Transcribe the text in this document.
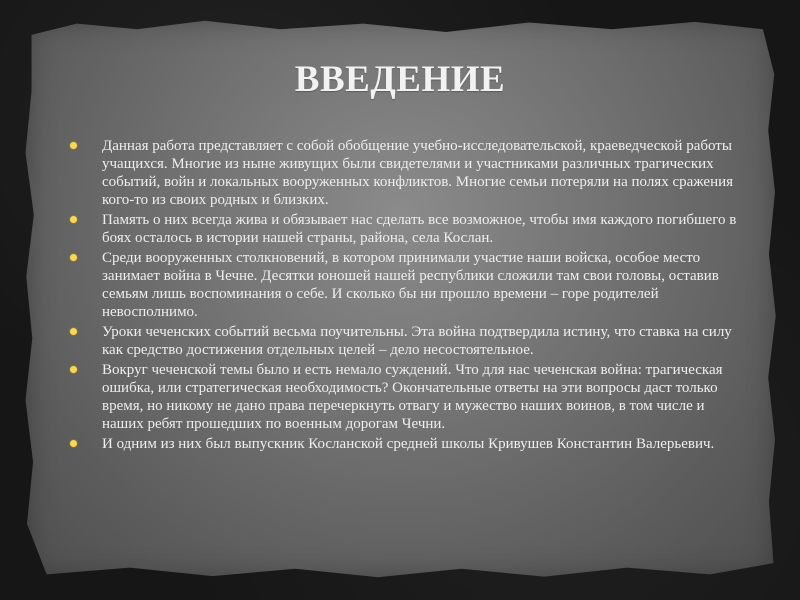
ВВЕДЕНИЕ
Данная работа представляет с собой обобщение учебно-исследовательской, краеведческой работы учащихся. Многие из ныне живущих были свидетелями и участниками различных трагических событий, войн и локальных вооруженных конфликтов. Многие семьи потеряли на полях сражения кого-то из своих родных и близких.
Память о них всегда жива и обязывает нас сделать все возможное, чтобы имя каждого погибшего в боях осталось в истории нашей страны, района, села Кослан.
Среди вооруженных столкновений, в котором принимали участие наши войска, особое место занимает война в Чечне. Десятки юношей нашей республики сложили там свои головы, оставив семьям лишь воспоминания о себе. И сколько бы ни прошло времени – горе родителей невосполнимо.
Уроки чеченских событий весьма поучительны. Эта война подтвердила истину, что ставка на силу как средство достижения отдельных целей – дело несостоятельное.
Вокруг чеченской темы было и есть немало суждений. Что для нас чеченская война: трагическая ошибка, или стратегическая необходимость? Окончательные ответы на эти вопросы даст только время, но никому не дано права перечеркнуть отвагу и мужество наших воинов, в том числе и наших ребят прошедших по военным дорогам Чечни.
И одним из них был выпускник Косланской средней школы Кривушев Константин Валерьевич.
